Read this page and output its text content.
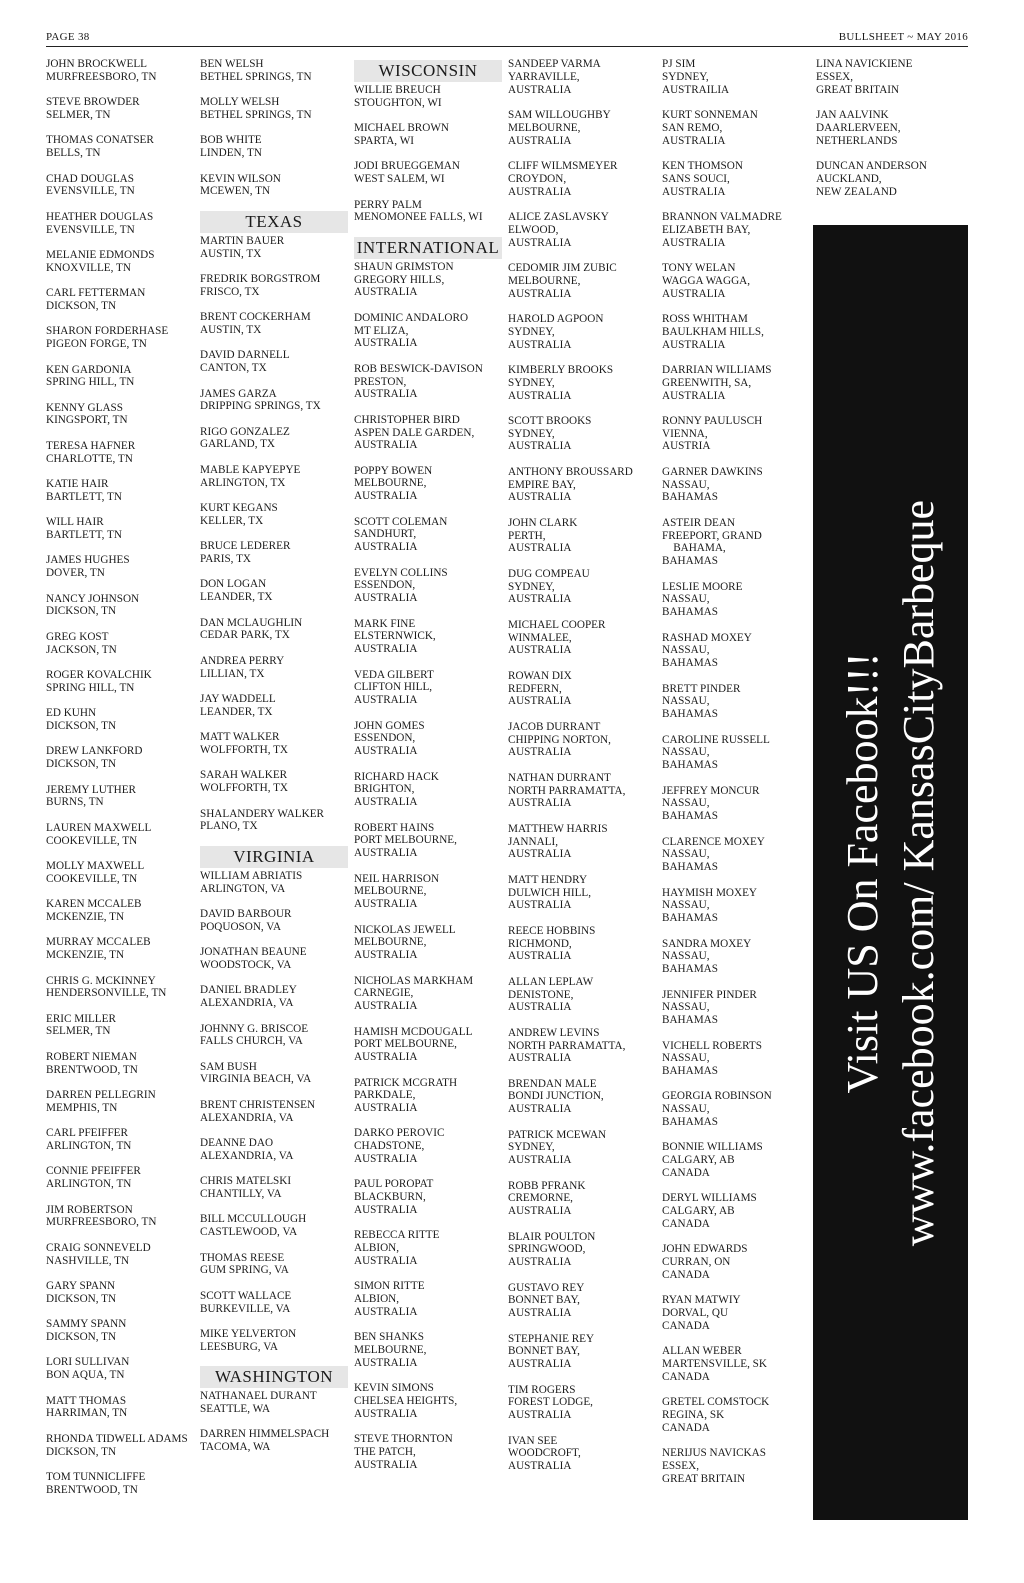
PAGE 38	BULLSHEET ~ MAY 2016
JOHN BROCKWELL
MURFREESBORO, TN
STEVE BROWDER
SELMER, TN
THOMAS CONATSER
BELLS, TN
CHAD DOUGLAS
EVENSVILLE, TN
HEATHER DOUGLAS
EVENSVILLE, TN
MELANIE EDMONDS
KNOXVILLE, TN
CARL FETTERMAN
DICKSON, TN
SHARON FORDERHASE
PIGEON FORGE, TN
KEN GARDONIA
SPRING HILL, TN
KENNY GLASS
KINGSPORT, TN
TERESA HAFNER
CHARLOTTE, TN
KATIE HAIR
BARTLETT, TN
WILL HAIR
BARTLETT, TN
JAMES HUGHES
DOVER, TN
NANCY JOHNSON
DICKSON, TN
GREG KOST
JACKSON, TN
ROGER KOVALCHIK
SPRING HILL, TN
ED KUHN
DICKSON, TN
DREW LANKFORD
DICKSON, TN
JEREMY LUTHER
BURNS, TN
LAUREN MAXWELL
COOKEVILLE, TN
MOLLY MAXWELL
COOKEVILLE, TN
KAREN MCCALEB
MCKENZIE, TN
MURRAY MCCALEB
MCKENZIE, TN
CHRIS G. MCKINNEY
HENDERSONVILLE, TN
ERIC MILLER
SELMER, TN
ROBERT NIEMAN
BRENTWOOD, TN
DARREN PELLEGRIN
MEMPHIS, TN
CARL PFEIFFER
ARLINGTON, TN
CONNIE PFEIFFER
ARLINGTON, TN
JIM ROBERTSON
MURFREESBORO, TN
CRAIG SONNEVELD
NASHVILLE, TN
GARY SPANN
DICKSON, TN
SAMMY SPANN
DICKSON, TN
LORI SULLIVAN
BON AQUA, TN
MATT THOMAS
HARRIMAN, TN
RHONDA TIDWELL ADAMS
DICKSON, TN
TOM TUNNICLIFFE
BRENTWOOD, TN
BEN WELSH
BETHEL SPRINGS, TN
MOLLY WELSH
BETHEL SPRINGS, TN
BOB WHITE
LINDEN, TN
KEVIN WILSON
MCEWEN, TN
TEXAS
MARTIN BAUER
AUSTIN, TX
FREDRIK BORGSTROM
FRISCO, TX
BRENT COCKERHAM
AUSTIN, TX
DAVID DARNELL
CANTON, TX
JAMES GARZA
DRIPPING SPRINGS, TX
RIGO GONZALEZ
GARLAND, TX
MABLE KAPYEPYE
ARLINGTON, TX
KURT KEGANS
KELLER, TX
BRUCE LEDERER
PARIS, TX
DON LOGAN
LEANDER, TX
DAN MCLAUGHLIN
CEDAR PARK, TX
ANDREA PERRY
LILLIAN, TX
JAY WADDELL
LEANDER, TX
MATT WALKER
WOLFFORTH, TX
SARAH WALKER
WOLFFORTH, TX
SHALANDERY WALKER
PLANO, TX
VIRGINIA
WILLIAM ABRIATIS
ARLINGTON, VA
DAVID BARBOUR
POQUOSON, VA
JONATHAN BEAUNE
WOODSTOCK, VA
DANIEL BRADLEY
ALEXANDRIA, VA
JOHNNY G. BRISCOE
FALLS CHURCH, VA
SAM BUSH
VIRGINIA BEACH, VA
BRENT CHRISTENSEN
ALEXANDRIA, VA
DEANNE DAO
ALEXANDRIA, VA
CHRIS MATELSKI
CHANTILLY, VA
BILL MCCULLOUGH
CASTLEWOOD, VA
THOMAS REESE
GUM SPRING, VA
SCOTT WALLACE
BURKEVILLE, VA
MIKE YELVERTON
LEESBURG, VA
WASHINGTON
NATHANAEL DURANT
SEATTLE, WA
DARREN HIMMELSPACH
TACOMA, WA
WISCONSIN
WILLIE BREUCH
STOUGHTON, WI
MICHAEL BROWN
SPARTA, WI
JODI BRUEGGEMAN
WEST SALEM, WI
PERRY PALM
MENOMONEE FALLS, WI
INTERNATIONAL
SHAUN GRIMSTON
GREGORY HILLS,
AUSTRALIA
DOMINIC ANDALORO
MT ELIZA,
AUSTRALIA
ROB BESWICK-DAVISON
PRESTON,
AUSTRALIA
CHRISTOPHER BIRD
ASPEN DALE GARDEN,
AUSTRALIA
POPPY BOWEN
MELBOURNE,
AUSTRALIA
SCOTT COLEMAN
SANDHURT,
AUSTRALIA
EVELYN COLLINS
ESSENDON,
AUSTRALIA
MARK FINE
ELSTERNWICK,
AUSTRALIA
VEDA GILBERT
CLIFTON HILL,
AUSTRALIA
JOHN GOMES
ESSENDON,
AUSTRALIA
RICHARD HACK
BRIGHTON,
AUSTRALIA
ROBERT HAINS
PORT MELBOURNE,
AUSTRALIA
NEIL HARRISON
MELBOURNE,
AUSTRALIA
NICKOLAS JEWELL
MELBOURNE,
AUSTRALIA
NICHOLAS MARKHAM
CARNEGIE,
AUSTRALIA
HAMISH MCDOUGALL
PORT MELBOURNE,
AUSTRALIA
PATRICK MCGRATH
PARKDALE,
AUSTRALIA
DARKO PEROVIC
CHADSTONE,
AUSTRALIA
PAUL POROPAT
BLACKBURN,
AUSTRALIA
REBECCA RITTE
ALBION,
AUSTRALIA
SIMON RITTE
ALBION,
AUSTRALIA
BEN SHANKS
MELBOURNE,
AUSTRALIA
KEVIN SIMONS
CHELSEA HEIGHTS,
AUSTRALIA
STEVE THORNTON
THE PATCH,
AUSTRALIA
SANDEEP VARMA
YARRAVILLE,
AUSTRALIA
SAM WILLOUGHBY
MELBOURNE,
AUSTRALIA
CLIFF WILMSMEYER
CROYDON,
AUSTRALIA
ALICE ZASLAVSKY
ELWOOD,
AUSTRALIA
CEDOMIR JIM ZUBIC
MELBOURNE,
AUSTRALIA
HAROLD AGPOON
SYDNEY,
AUSTRALIA
KIMBERLY BROOKS
SYDNEY,
AUSTRALIA
SCOTT BROOKS
SYDNEY,
AUSTRALIA
ANTHONY BROUSSARD
EMPIRE BAY,
AUSTRALIA
JOHN CLARK
PERTH,
AUSTRALIA
DUG COMPEAU
SYDNEY,
AUSTRALIA
MICHAEL COOPER
WINMALEE,
AUSTRALIA
ROWAN DIX
REDFERN,
AUSTRALIA
JACOB DURRANT
CHIPPING NORTON,
AUSTRALIA
NATHAN DURRANT
NORTH PARRAMATTA,
AUSTRALIA
MATTHEW HARRIS
JANNALI,
AUSTRALIA
MATT HENDRY
DULWICH HILL,
AUSTRALIA
REECE HOBBINS
RICHMOND,
AUSTRALIA
ALLAN LEPLAW
DENISTONE,
AUSTRALIA
ANDREW LEVINS
NORTH PARRAMATTA,
AUSTRALIA
BRENDAN MALE
BONDI JUNCTION,
AUSTRALIA
PATRICK MCEWAN
SYDNEY,
AUSTRALIA
ROBB PFRANK
CREMORNE,
AUSTRALIA
BLAIR POULTON
SPRINGWOOD,
AUSTRALIA
GUSTAVO REY
BONNET BAY,
AUSTRALIA
STEPHANIE REY
BONNET BAY,
AUSTRALIA
TIM ROGERS
FOREST LODGE,
AUSTRALIA
IVAN SEE
WOODCROFT,
AUSTRALIA
PJ SIM
SYDNEY,
AUSTRAILIA
KURT SONNEMAN
SAN REMO,
AUSTRALIA
KEN THOMSON
SANS SOUCI,
AUSTRALIA
BRANNON VALMADRE
ELIZABETH BAY,
AUSTRALIA
TONY WELAN
WAGGA WAGGA,
AUSTRALIA
ROSS WHITHAM
BAULKHAM HILLS,
AUSTRALIA
DARRIAN WILLIAMS
GREENWITH, SA,
AUSTRALIA
RONNY PAULUSCH
VIENNA,
AUSTRIA
GARNER DAWKINS
NASSAU,
BAHAMAS
ASTEIR DEAN
FREEPORT, GRAND
BAHAMA,
BAHAMAS
LESLIE MOORE
NASSAU,
BAHAMAS
RASHAD MOXEY
NASSAU,
BAHAMAS
BRETT PINDER
NASSAU,
BAHAMAS
CAROLINE RUSSELL
NASSAU,
BAHAMAS
JEFFREY MONCUR
NASSAU,
BAHAMAS
CLARENCE MOXEY
NASSAU,
BAHAMAS
HAYMISH MOXEY
NASSAU,
BAHAMAS
SANDRA MOXEY
NASSAU,
BAHAMAS
JENNIFER PINDER
NASSAU,
BAHAMAS
VICHELL ROBERTS
NASSAU,
BAHAMAS
GEORGIA ROBINSON
NASSAU,
BAHAMAS
BONNIE WILLIAMS
CALGARY, AB
CANADA
DERYL WILLIAMS
CALGARY, AB
CANADA
JOHN EDWARDS
CURRAN, ON
CANADA
RYAN MATWIY
DORVAL, QU
CANADA
ALLAN WEBER
MARTENSVILLE, SK
CANADA
GRETEL COMSTOCK
REGINA, SK
CANADA
NERIJUS NAVICKAS
ESSEX,
GREAT BRITAIN
LINA NAVICKIENE
ESSEX,
GREAT BRITAIN
JAN AALVINK
DAARLERVEEN,
NETHERLANDS
DUNCAN ANDERSON
AUCKLAND,
NEW ZEALAND
Visit US On Facebook!!! www.facebook.com/ KansasCityBarbeque
